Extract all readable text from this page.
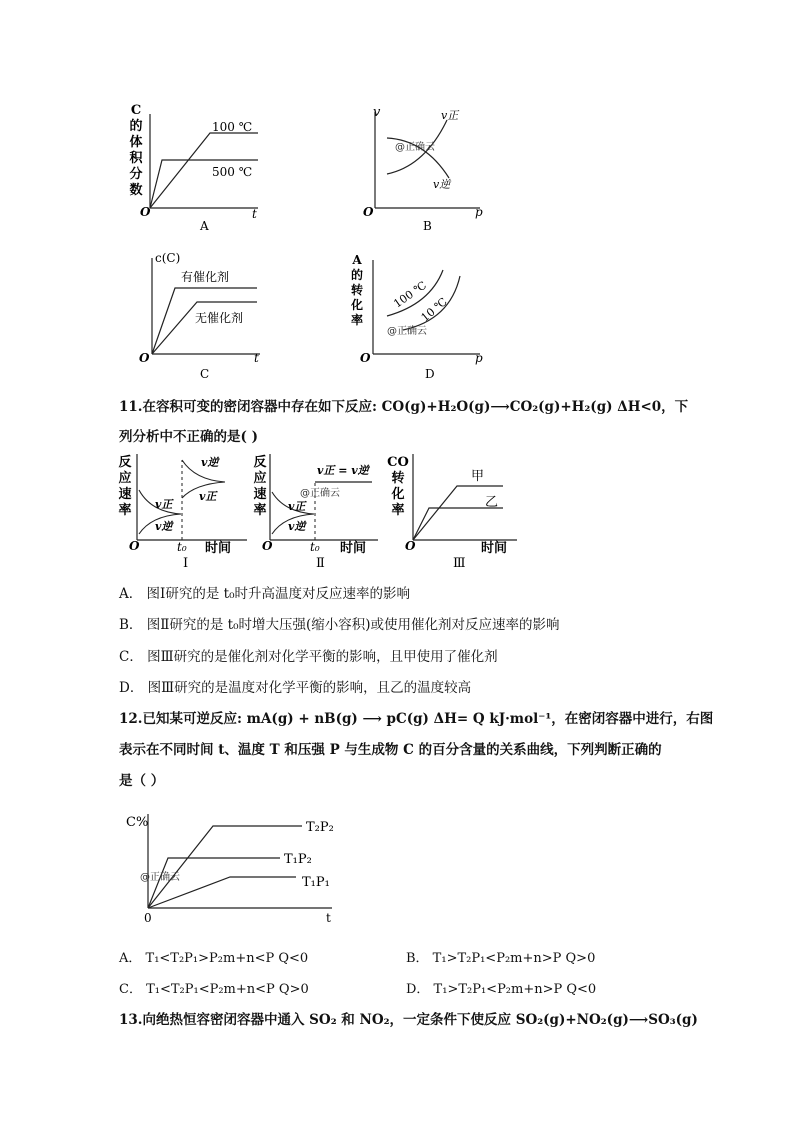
C
的
体
积
分
数
100 ℃
500 ℃
O	t
A
v	v正
v逆
@正确云
O	p
B
c(C)
有催化剂
无催化剂
O	t
C
A
的
转
化
率
100 ℃
10 ℃
@正确云
O	p
D
11.在容积可变的密闭容器中存在如下反应: CO(g)+H₂O(g)⟶CO₂(g)+H₂(g) ΔH<0，下
列分析中不正确的是( )
反
应
速
率
v逆
v正
v正
v逆
O	t₀ 时间
Ⅰ
反
应
速
率
v正 = v逆
@正确云
v正
v逆
O	t₀ 时间
Ⅱ
CO
转
化
率
甲
乙
O	时间
Ⅲ
A． 图Ⅰ研究的是 t₀时升高温度对反应速率的影响
B． 图Ⅱ研究的是 t₀时增大压强(缩小容积)或使用催化剂对反应速率的影响
C． 图Ⅲ研究的是催化剂对化学平衡的影响，且甲使用了催化剂
D． 图Ⅲ研究的是温度对化学平衡的影响，且乙的温度较高
12.已知某可逆反应: mA(g) + nB(g) ⟶ pC(g) ΔH= Q kJ·mol⁻¹，在密闭容器中进行，右图
表示在不同时间 t、温度 T 和压强 P 与生成物 C 的百分含量的关系曲线，下列判断正确的
是（ ）
C%	T₂P₂
T₁P₂
T₁P₁
@正确云
0	t
A． T₁<T₂P₁>P₂m+n<P Q<0	B． T₁>T₂P₁<P₂m+n>P Q>0
C． T₁<T₂P₁<P₂m+n<P Q>0	D． T₁>T₂P₁<P₂m+n>P Q<0
13.向绝热恒容密闭容器中通入 SO₂ 和 NO₂，一定条件下使反应 SO₂(g)+NO₂(g)⟶SO₃(g)
